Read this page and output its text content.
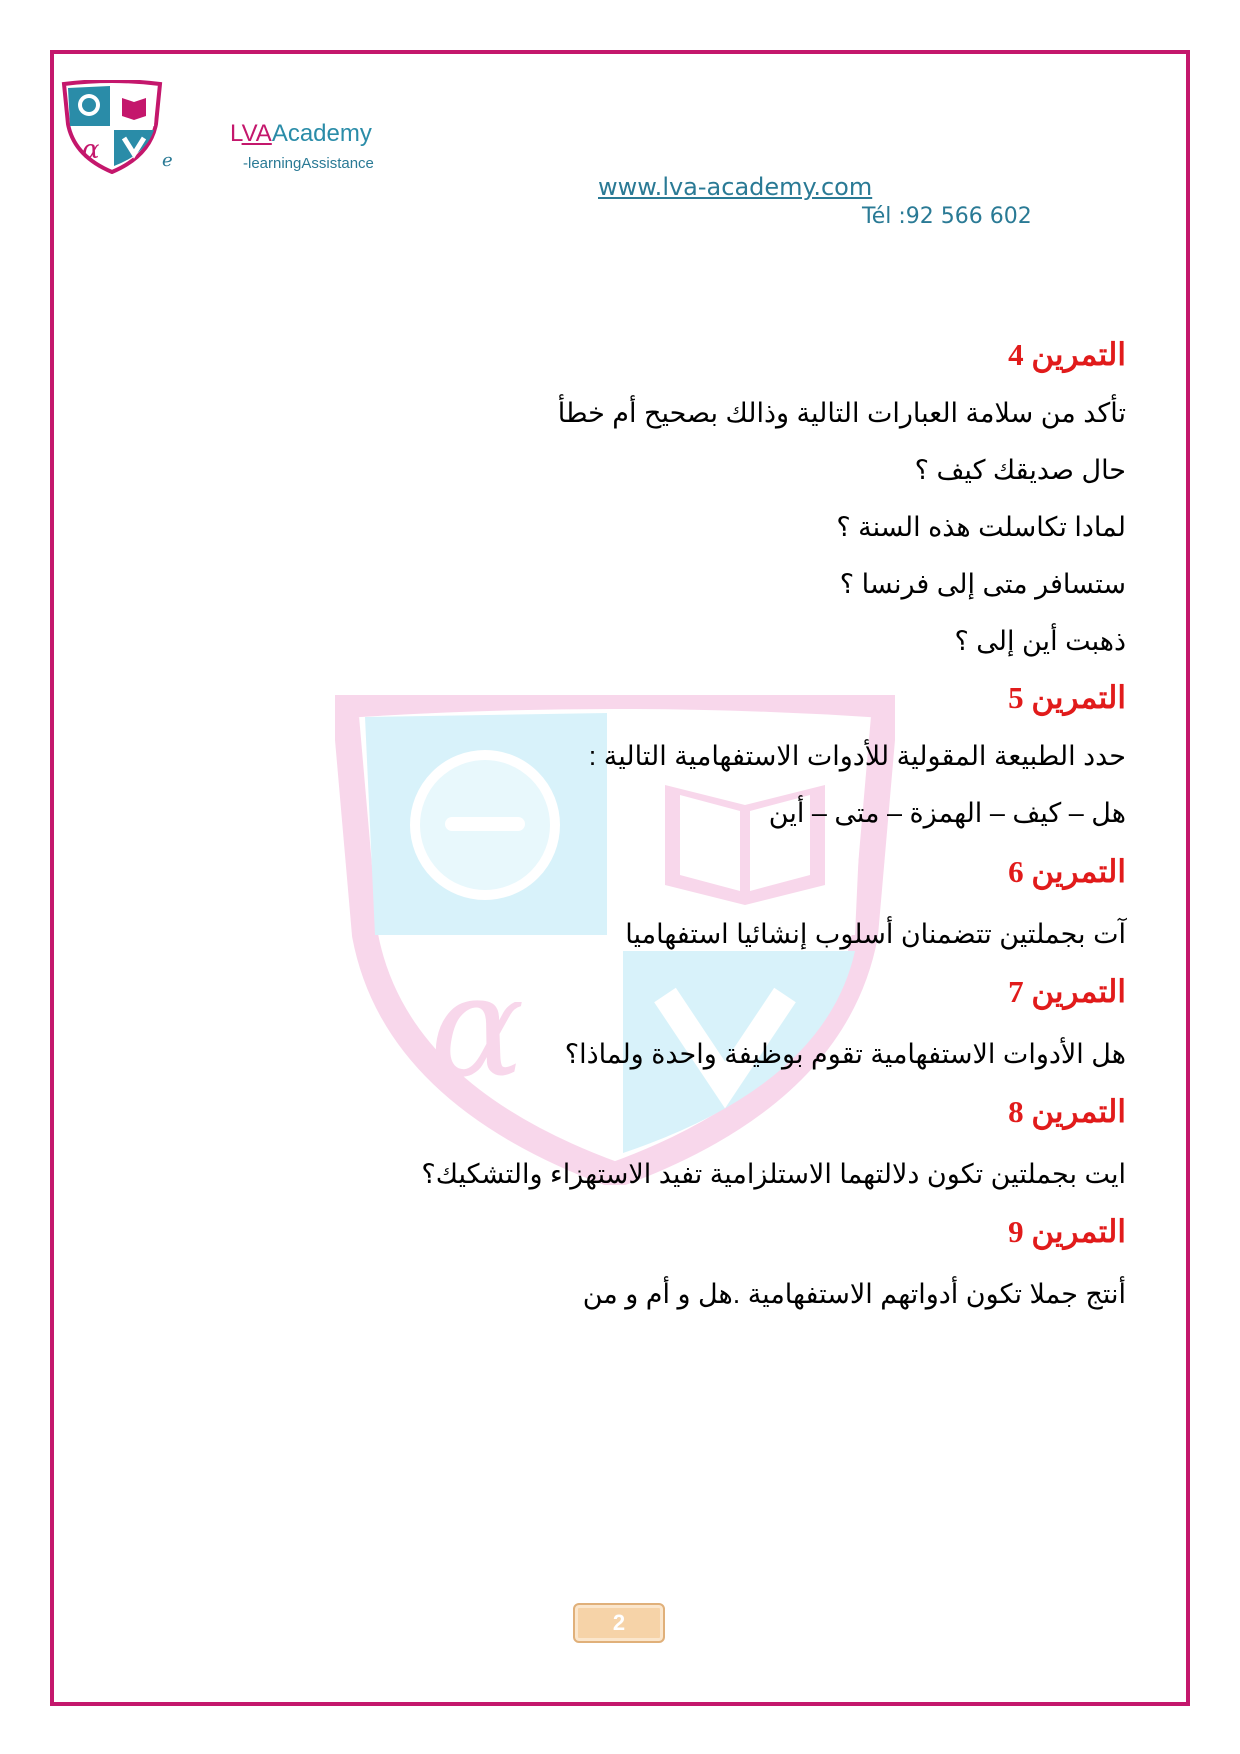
α	e
LVAAcademy
-learningAssistance
www.lva-academy.com
Tél :92 566 602
α
التمرين 4
تأكد من سلامة العبارات التالية وذالك بصحيح أم خطأ
حال صديقك كيف ؟
لمادا تكاسلت هذه السنة ؟
ستسافر متى إلى فرنسا ؟
ذهبت أين إلى ؟
التمرين 5
حدد الطبيعة المقولية للأدوات الاستفهامية التالية :
هل – كيف – الهمزة – متى – أين
التمرين 6
آت بجملتين تتضمنان أسلوب إنشائيا استفهاميا
التمرين 7
هل الأدوات الاستفهامية تقوم بوظيفة واحدة ولماذا؟
التمرين 8
ايت بجملتين تكون دلالتهما الاستلزامية تفيد الاستهزاء والتشكيك؟
التمرين 9
أنتج جملا تكون أدواتهم الاستفهامية .هل و أم و من
2
